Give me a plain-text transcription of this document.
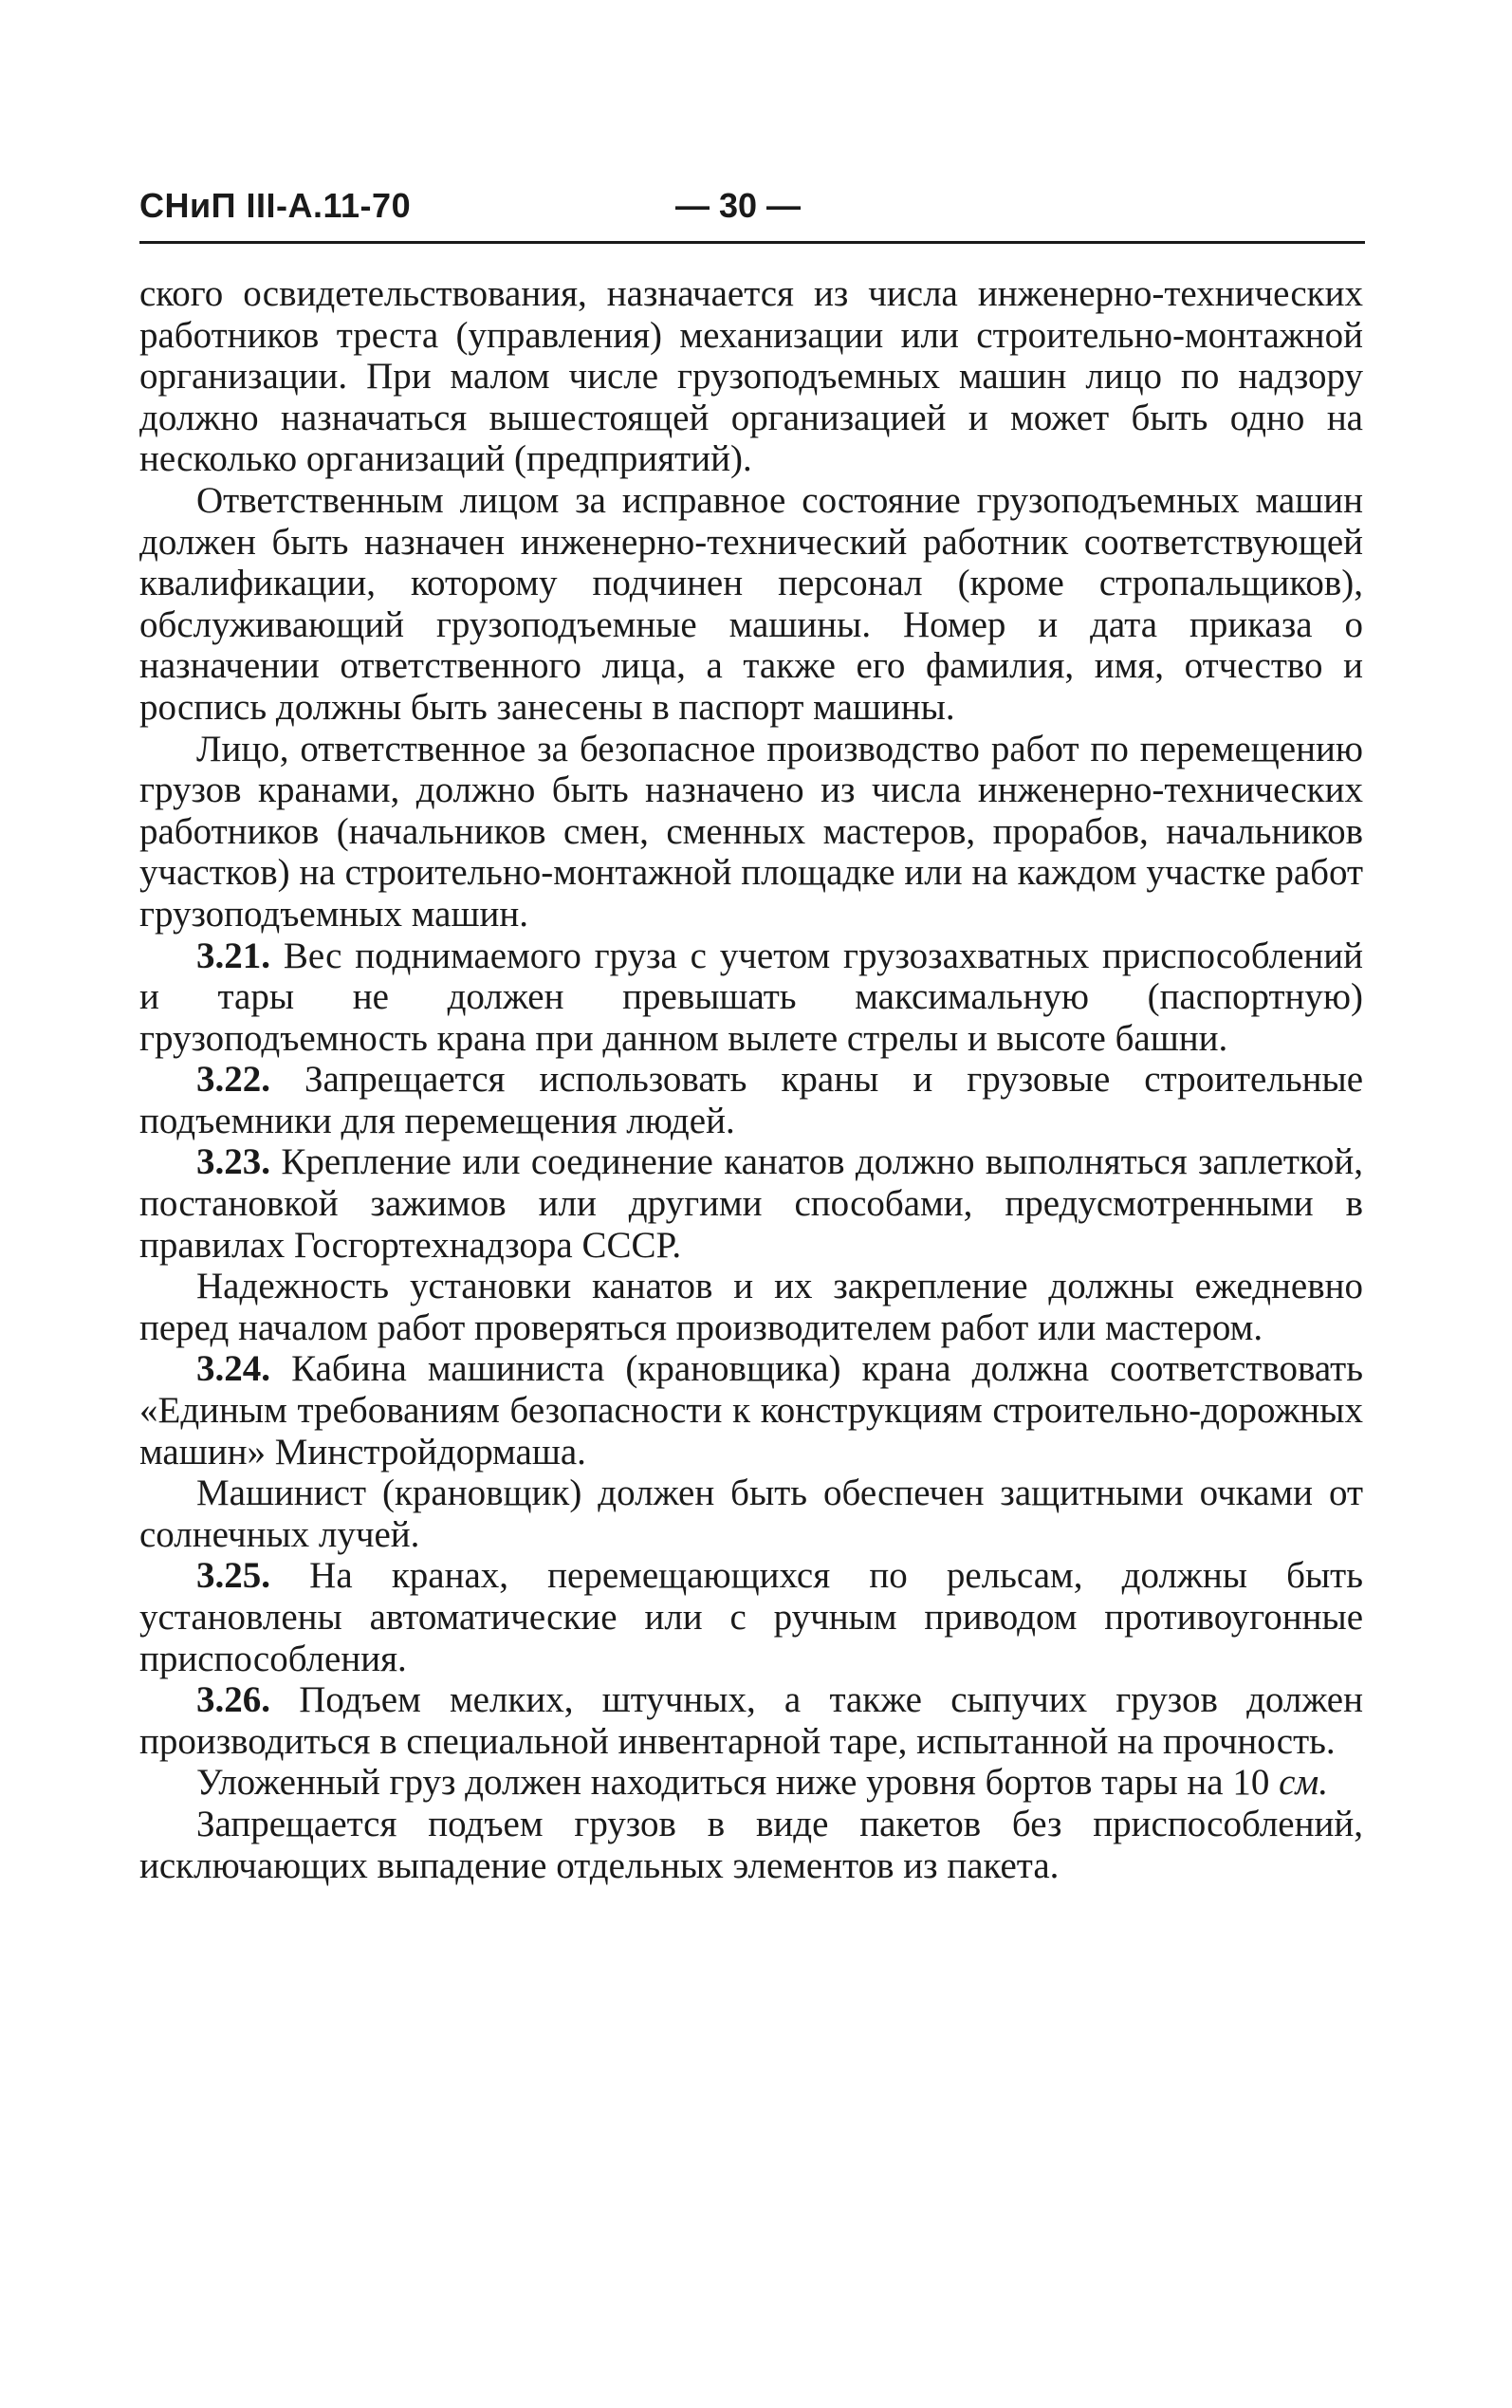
СНиП III-А.11-70	— 30 —

ского освидетельствования, назначается из числа инженерно-технических работников треста (управления) механизации или строительно-монтажной организации. При малом числе грузоподъемных машин лицо по надзору должно назначаться вышестоящей организацией и может быть одно на несколько организаций (предприятий).

Ответственным лицом за исправное состояние грузоподъемных машин должен быть назначен инженерно-технический работник соответствующей квалификации, которому подчинен персонал (кроме стропальщиков), обслуживающий грузоподъемные машины. Номер и дата приказа о назначении ответственного лица, а также его фамилия, имя, отчество и роспись должны быть занесены в паспорт машины.

Лицо, ответственное за безопасное производство работ по перемещению грузов кранами, должно быть назначено из числа инженерно-технических работников (начальников смен, сменных мастеров, прорабов, начальников участков) на строительно-монтажной площадке или на каждом участке работ грузоподъемных машин.

3.21. Вес поднимаемого груза с учетом грузозахватных приспособлений и тары не должен превышать максимальную (паспортную) грузоподъемность крана при данном вылете стрелы и высоте башни.

3.22. Запрещается использовать краны и грузовые строительные подъемники для перемещения людей.

3.23. Крепление или соединение канатов должно выполняться заплеткой, постановкой зажимов или другими способами, предусмотренными в правилах Госгортехнадзора СССР.

Надежность установки канатов и их закрепление должны ежедневно перед началом работ проверяться производителем работ или мастером.

3.24. Кабина машиниста (крановщика) крана должна соответствовать «Единым требованиям безопасности к конструкциям строительно-дорожных машин» Минстройдормаша.

Машинист (крановщик) должен быть обеспечен защитными очками от солнечных лучей.

3.25. На кранах, перемещающихся по рельсам, должны быть установлены автоматические или с ручным приводом противоугонные приспособления.

3.26. Подъем мелких, штучных, а также сыпучих грузов должен производиться в специальной инвентарной таре, испытанной на прочность.

Уложенный груз должен находиться ниже уровня бортов тары на 10 см.

Запрещается подъем грузов в виде пакетов без приспособлений, исключающих выпадение отдельных элементов из пакета.
